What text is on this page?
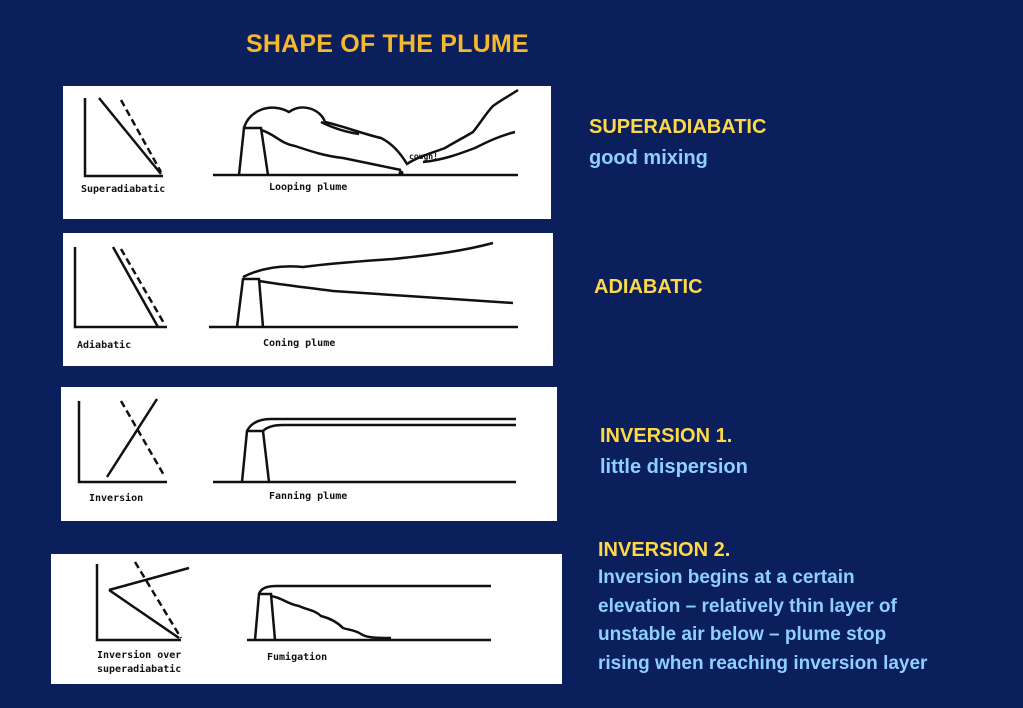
SHAPE OF THE PLUME
cough!
Superadiabatic	Looping plume
Adiabatic	Coning plume
Inversion	Fanning plume
Inversion over
superadiabatic
Fumigation
SUPERADIABATIC
good mixing
ADIABATIC
INVERSION 1.
little dispersion
INVERSION 2.
Inversion begins at a certain
elevation – relatively thin layer of
unstable air below – plume stop
rising when reaching inversion layer
